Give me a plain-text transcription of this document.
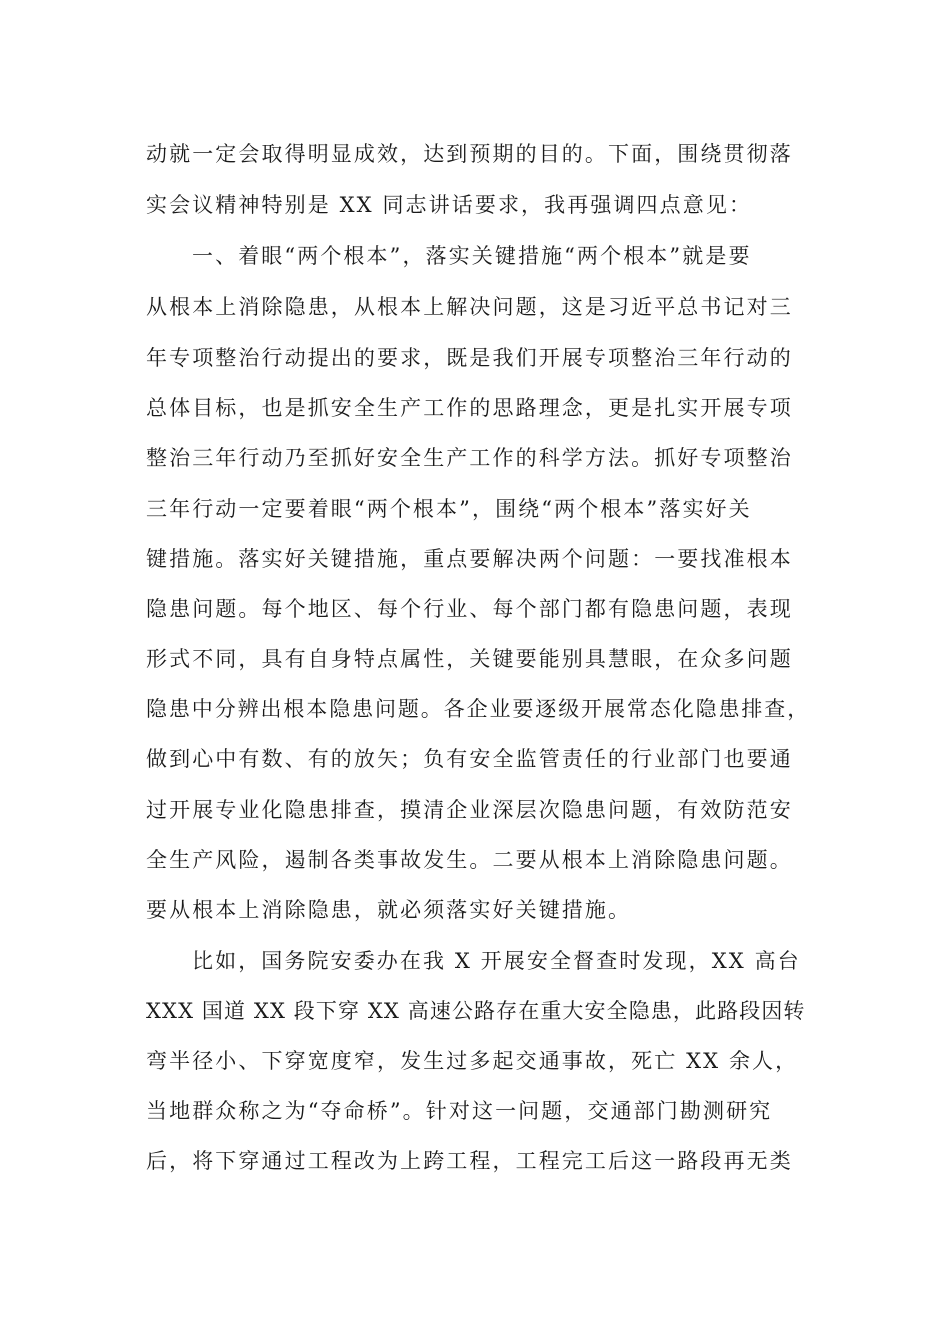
动就一定会取得明显成效，达到预期的目的。下面，围绕贯彻落
实会议精神特别是 XX 同志讲话要求，我再强调四点意见：
一、着眼“两个根本”，落实关键措施“两个根本”就是要
从根本上消除隐患，从根本上解决问题，这是习近平总书记对三
年专项整治行动提出的要求，既是我们开展专项整治三年行动的
总体目标，也是抓安全生产工作的思路理念，更是扎实开展专项
整治三年行动乃至抓好安全生产工作的科学方法。抓好专项整治
三年行动一定要着眼“两个根本”，围绕“两个根本”落实好关
键措施。落实好关键措施，重点要解决两个问题：一要找准根本
隐患问题。每个地区、每个行业、每个部门都有隐患问题，表现
形式不同，具有自身特点属性，关键要能别具慧眼，在众多问题
隐患中分辨出根本隐患问题。各企业要逐级开展常态化隐患排查，
做到心中有数、有的放矢；负有安全监管责任的行业部门也要通
过开展专业化隐患排查，摸清企业深层次隐患问题，有效防范安
全生产风险，遏制各类事故发生。二要从根本上消除隐患问题。
要从根本上消除隐患，就必须落实好关键措施。
比如，国务院安委办在我 X 开展安全督查时发现，XX 高台
XXX 国道 XX 段下穿 XX 高速公路存在重大安全隐患，此路段因转
弯半径小、下穿宽度窄，发生过多起交通事故，死亡 XX 余人，
当地群众称之为“夺命桥”。针对这一问题，交通部门勘测研究
后，将下穿通过工程改为上跨工程，工程完工后这一路段再无类
